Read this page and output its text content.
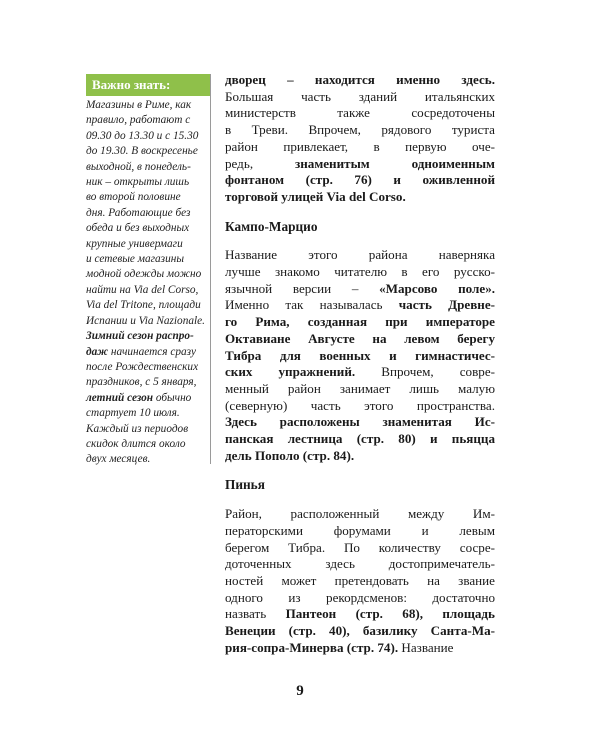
Важно знать:
Магазины в Риме, как
правило, работают с
09.30 до 13.30 и с 15.30
до 19.30. В воскресенье
выходной, в понедель-
ник – открыты лишь
во второй половине
дня. Работающие без
обеда и без выходных
крупные универмаги
и сетевые магазины
модной одежды можно
найти на Via del Corso,
Via del Tritone, площади
Испании и Via Nazionale.
Зимний сезон распро-
даж начинается сразу
после Рождественских
праздников, с 5 января,
летний сезон обычно
стартует 10 июля.
Каждый из периодов
скидок длится около
двух месяцев.
дворец – находится именно здесь.
Большая часть зданий итальянских
министерств также сосредоточены
в Треви. Впрочем, рядового туриста
район привлекает, в первую оче-
редь, знаменитым одноименным
фонтаном (стр. 76) и оживленной
торговой улицей Via del Corso.
Кампо-Марцио
Название этого района наверняка
лучше знакомо читателю в его русско-
язычной версии – «Марсово поле».
Именно так называлась часть Древне-
го Рима, созданная при императоре
Октавиане Августе на левом берегу
Тибра для военных и гимнастичес-
ских упражнений. Впрочем, совре-
менный район занимает лишь малую
(северную) часть этого пространства.
Здесь расположены знаменитая Ис-
панская лестница (стр. 80) и пьяцца
дель Пополо (стр. 84).
Пинья
Район, расположенный между Им-
ператорскими форумами и левым
берегом Тибра. По количеству сосре-
доточенных здесь достопримечатель-
ностей может претендовать на звание
одного из рекордсменов: достаточно
назвать Пантеон (стр. 68), площадь
Венеции (стр. 40), базилику Санта-Ма-
рия-сопра-Минерва (стр. 74). Название
9
